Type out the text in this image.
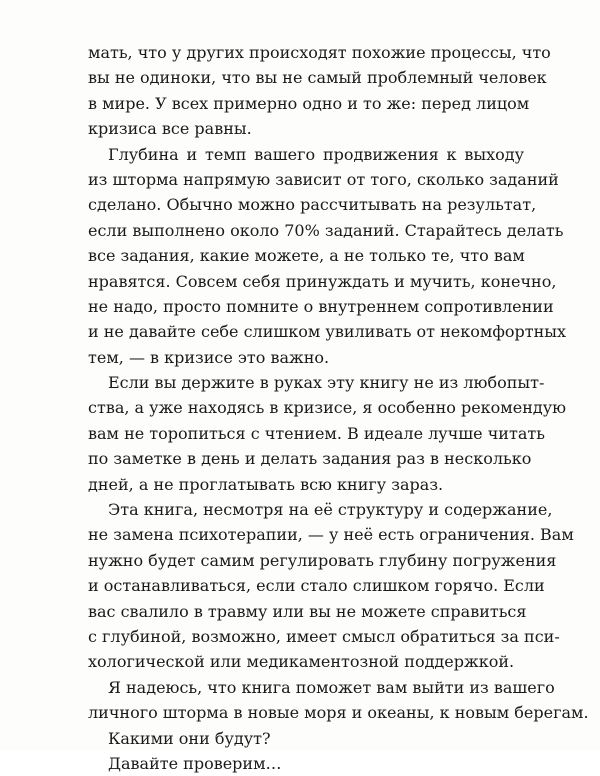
мать, что у других происходят похожие процессы, что
вы не одиноки, что вы не самый проблемный человек
в мире. У всех примерно одно и то же: перед лицом
кризиса все равны.
Глубина и темп вашего продвижения к выходу
из шторма напрямую зависит от того, сколько заданий
сделано. Обычно можно рассчитывать на результат,
если выполнено около 70% заданий. Старайтесь делать
все задания, какие можете, а не только те, что вам
нравятся. Совсем себя принуждать и мучить, конечно,
не надо, просто помните о внутреннем сопротивлении
и не давайте себе слишком увиливать от некомфортных
тем, — в кризисе это важно.
Если вы держите в руках эту книгу не из любопыт-
ства, а уже находясь в кризисе, я особенно рекомендую
вам не торопиться с чтением. В идеале лучше читать
по заметке в день и делать задания раз в несколько
дней, а не проглатывать всю книгу зараз.
Эта книга, несмотря на её структуру и содержание,
не замена психотерапии, — у неё есть ограничения. Вам
нужно будет самим регулировать глубину погружения
и останавливаться, если стало слишком горячо. Если
вас свалило в травму или вы не можете справиться
с глубиной, возможно, имеет смысл обратиться за пси-
хологической или медикаментозной поддержкой.
Я надеюсь, что книга поможет вам выйти из вашего
личного шторма в новые моря и океаны, к новым берегам.
Какими они будут?
Давайте проверим…
